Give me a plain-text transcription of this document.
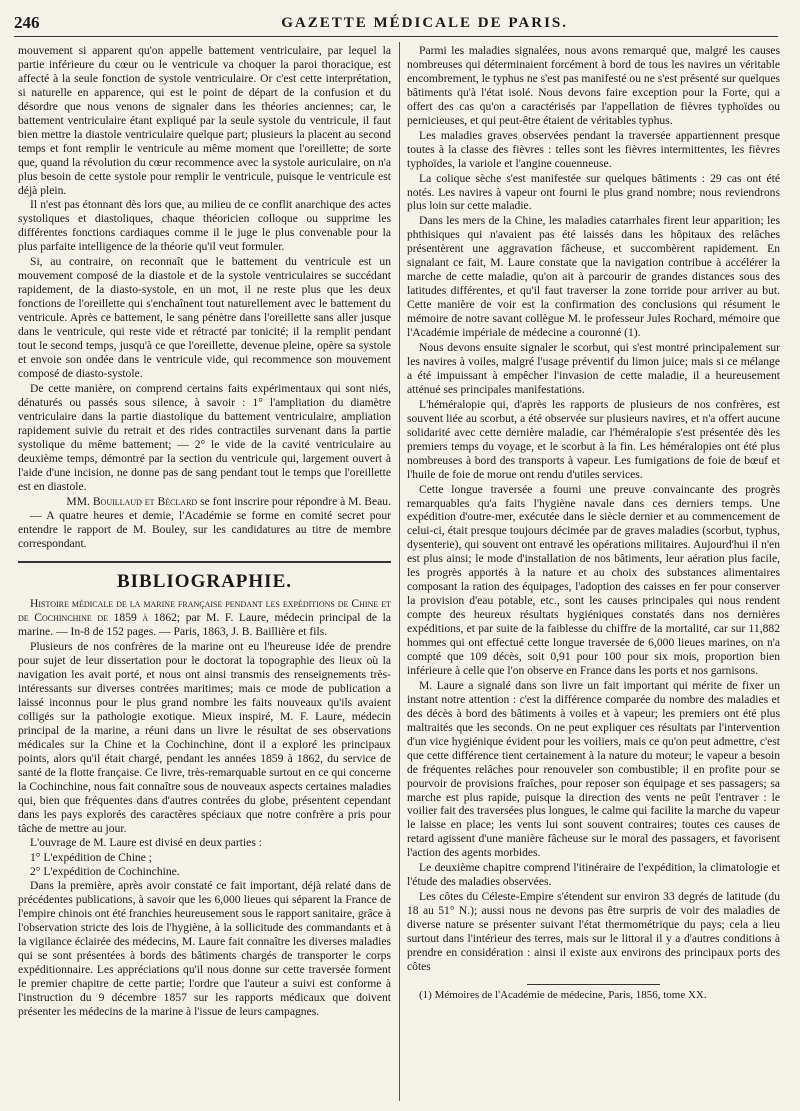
246	GAZETTE MÉDICALE DE PARIS.

mouvement si apparent qu'on appelle battement ventriculaire, par lequel la partie inférieure du cœur ou le ventricule va choquer la paroi thoracique, est affecté à la seule fonction de systole ventriculaire. Or c'est cette interprétation, si naturelle en apparence, qui est le point de départ de la confusion et du désordre que nous venons de signaler dans les théories anciennes; car, le battement ventriculaire étant expliqué par la seule systole du ventricule, il faut bien mettre la diastole ventriculaire quelque part; plusieurs la placent au second temps et font remplir le ventricule au même moment que l'oreillette; de sorte que, quand la révolution du cœur recommence avec la systole auriculaire, on n'a plus besoin de cette systole pour remplir le ventricule, puisque le ventricule est déjà plein.

Il n'est pas étonnant dès lors que, au milieu de ce conflit anarchique des actes systoliques et diastoliques, chaque théoricien colloque ou supprime les différentes fonctions cardiaques comme il le juge le plus convenable pour la plus parfaite intelligence de la théorie qu'il veut formuler.

Si, au contraire, on reconnaît que le battement du ventricule est un mouvement composé de la diastole et de la systole ventriculaires se succédant rapidement, de la diasto-systole, en un mot, il ne reste plus que les deux fonctions de l'oreillette qui s'enchaînent tout naturellement avec le battement du ventricule. Après ce battement, le sang pénètre dans l'oreillette sans aller jusque dans le ventricule, qui reste vide et rétracté par tonicité; il la remplit pendant tout le second temps, jusqu'à ce que l'oreillette, devenue pleine, opère sa systole et envoie son ondée dans le ventricule vide, qui recommence son mouvement composé de diasto-systole.

De cette manière, on comprend certains faits expérimentaux qui sont niés, dénaturés ou passés sous silence, à savoir : 1° l'ampliation du diamètre ventriculaire dans la partie diastolique du battement ventriculaire, ampliation rapidement suivie du retrait et des rides contractiles survenant dans la partie systolique du même battement; — 2° le vide de la cavité ventriculaire au deuxième temps, démontré par la section du ventricule qui, largement ouvert à l'aide d'une incision, ne donne pas de sang pendant tout le temps que l'oreillette est en diastole.

MM. Bouillaud et Béclard se font inscrire pour répondre à M. Beau.

— A quatre heures et demie, l'Académie se forme en comité secret pour entendre le rapport de M. Bouley, sur les candidatures au titre de membre correspondant.

BIBLIOGRAPHIE.

Histoire médicale de la marine française pendant les expéditions de Chine et de Cochinchine de 1859 à 1862; par M. F. Laure, médecin principal de la marine. — In-8 de 152 pages. — Paris, 1863, J. B. Baillière et fils.

Plusieurs de nos confrères de la marine ont eu l'heureuse idée de prendre pour sujet de leur dissertation pour le doctorat la topographie des lieux où la navigation les avait porté, et nous ont ainsi transmis des renseignements très-intéressants sur diverses contrées maritimes; mais ce mode de publication a laissé inconnus pour le plus grand nombre les faits nouveaux qu'ils avaient colligés sur la pathologie exotique. Mieux inspiré, M. F. Laure, médecin principal de la marine, a réuni dans un livre le résultat de ses observations médicales sur la Chine et la Cochinchine, dont il a exploré les principaux points, alors qu'il était chargé, pendant les années 1859 à 1862, du service de santé de la flotte française. Ce livre, très-remarquable surtout en ce qui concerne la Cochinchine, nous fait connaître sous de nouveaux aspects certaines maladies qui, bien que fréquentes dans d'autres contrées du globe, présentent cependant dans les pays explorés des caractères spéciaux que notre confrère a pris pour tâche de mettre au jour.

L'ouvrage de M. Laure est divisé en deux parties :

1° L'expédition de Chine ;

2° L'expédition de Cochinchine.

Dans la première, après avoir constaté ce fait important, déjà relaté dans de précédentes publications, à savoir que les 6,000 lieues qui séparent la France de l'empire chinois ont été franchies heureusement sous le rapport sanitaire, grâce à l'observation stricte des lois de l'hygiène, à la sollicitude des commandants et à la vigilance éclairée des médecins, M. Laure fait connaître les diverses maladies qui se sont présentées à bords des bâtiments chargés de transporter le corps expéditionnaire. Les appréciations qu'il nous donne sur cette traversée forment le premier chapitre de cette partie; l'ordre que l'auteur a suivi est conforme à l'instruction du 9 décembre 1857 sur les rapports médicaux que doivent présenter les médecins de la marine à l'issue de leurs campagnes.

Parmi les maladies signalées, nous avons remarqué que, malgré les causes nombreuses qui déterminaient forcément à bord de tous les navires un véritable encombrement, le typhus ne s'est pas manifesté ou ne s'est présenté sur quelques bâtiments qu'à l'état isolé. Nous devons faire exception pour la Forte, qui a offert des cas qu'on a caractérisés par l'appellation de fièvres typhoïdes ou pernicieuses, et qui peut-être étaient de véritables typhus.

Les maladies graves observées pendant la traversée appartiennent presque toutes à la classe des fièvres : telles sont les fièvres intermittentes, les fièvres typhoïdes, la variole et l'angine couenneuse.

La colique sèche s'est manifestée sur quelques bâtiments : 29 cas ont été notés. Les navires à vapeur ont fourni le plus grand nombre; nous reviendrons plus loin sur cette maladie.

Dans les mers de la Chine, les maladies catarrhales firent leur apparition; les phthisiques qui n'avaient pas été laissés dans les hôpitaux des relâches présentèrent une aggravation fâcheuse, et succombèrent rapidement. En signalant ce fait, M. Laure constate que la navigation contribue à accélérer la marche de cette maladie, qu'on ait à parcourir de grandes distances sous des latitudes différentes, et qu'il faut traverser la zone torride pour arriver au but. Cette manière de voir est la confirmation des conclusions qui résument le mémoire de notre savant collègue M. le professeur Jules Rochard, mémoire que l'Académie impériale de médecine a couronné (1).

Nous devons ensuite signaler le scorbut, qui s'est montré principalement sur les navires à voiles, malgré l'usage préventif du limon juice; mais si ce mélange a été impuissant à empêcher l'invasion de cette maladie, il a heureusement atténué ses principales manifestations.

L'héméralopie qui, d'après les rapports de plusieurs de nos confrères, est souvent liée au scorbut, a été observée sur plusieurs navires, et n'a offert aucune solidarité avec cette dernière maladie, car l'héméralopie s'est présentée dès les premiers temps du voyage, et le scorbut à la fin. Les héméralopies ont été plus nombreuses à bord des transports à vapeur. Les fumigations de foie de bœuf et l'huile de foie de morue ont rendu d'utiles services.

Cette longue traversée a fourni une preuve convaincante des progrès remarquables qu'a faits l'hygiène navale dans ces derniers temps. Une expédition d'outre-mer, exécutée dans le siècle dernier et au commencement de celui-ci, était presque toujours décimée par de graves maladies (scorbut, typhus, dysenterie), qui souvent ont entravé les opérations militaires. Aujourd'hui il n'en est plus ainsi; le mode d'installation de nos bâtiments, leur aération plus facile, les progrès apportés à la nature et au choix des substances alimentaires composant la ration des équipages, l'adoption des caisses en fer pour conserver la provision d'eau potable, etc., sont les causes principales qui nous rendent compte des heureux résultats hygiéniques constatés dans nos dernières expéditions, et par suite de la faiblesse du chiffre de la mortalité, car sur 11,882 hommes qui ont effectué cette longue traversée de 6,000 lieues marines, on n'a compté que 109 décès, soit 0,91 pour 100 pour six mois, proportion bien inférieure à celle que l'on observe en France dans les ports et nos garnisons.

M. Laure a signalé dans son livre un fait important qui mérite de fixer un instant notre attention : c'est la différence comparée du nombre des maladies et des décès à bord des bâtiments à voiles et à vapeur; les premiers ont été plus maltraités que les seconds. On ne peut expliquer ces résultats par l'intervention d'un vice hygiénique évident pour les voiliers, mais ce qu'on peut admettre, c'est que cette différence tient certainement à la nature du moteur; le vapeur a besoin de fréquentes relâches pour renouveler son combustible; il en profite pour se pourvoir de provisions fraîches, pour reposer son équipage et ses passagers; sa marche est plus rapide, puisque la direction des vents ne peût l'entraver : le voilier fait des traversées plus longues, le calme qui facilite la marche du vapeur le laisse en place; les vents lui sont souvent contraires; toutes ces causes de retard agissent d'une manière fâcheuse sur le moral des passagers, et favorisent l'action des agents morbides.

Le deuxième chapitre comprend l'itinéraire de l'expédition, la climatologie et l'étude des maladies observées.

Les côtes du Céleste-Empire s'étendent sur environ 33 degrés de latitude (du 18 au 51° N.); aussi nous ne devons pas être surpris de voir des maladies de diverse nature se présenter suivant l'état thermométrique du pays; cela a lieu surtout dans l'intérieur des terres, mais sur le littoral il y a d'autres conditions à prendre en considération : ainsi il existe aux environs des principaux ports des côtes

(1) Mémoires de l'Académie de médecine, Paris, 1856, tome XX.
